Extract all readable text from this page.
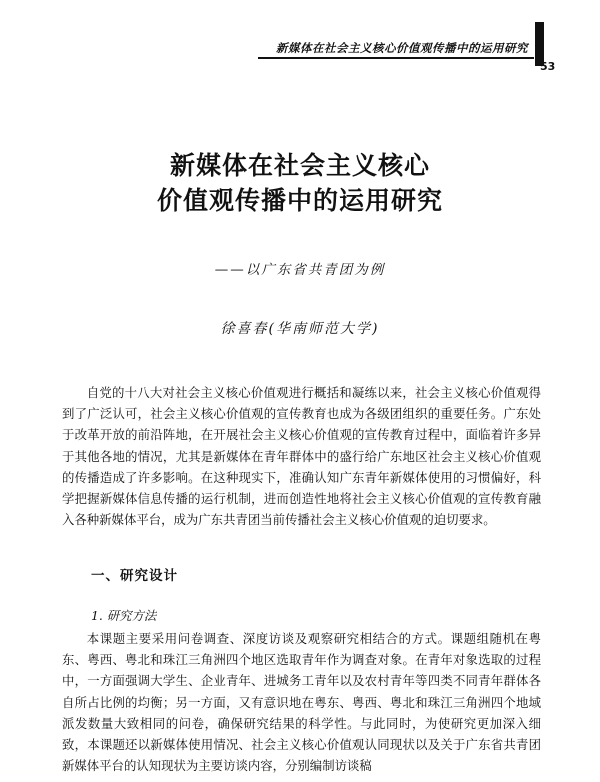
新媒体在社会主义核心价值观传播中的运用研究
53
新媒体在社会主义核心
价值观传播中的运用研究
——以广东省共青团为例
徐喜春(华南师范大学)

自党的十八大对社会主义核心价值观进行概括和凝练以来，社会主义核心价值观得到了广泛认可，社会主义核心价值观的宣传教育也成为各级团组织的重要任务。广东处于改革开放的前沿阵地，在开展社会主义核心价值观的宣传教育过程中，面临着许多异于其他各地的情况，尤其是新媒体在青年群体中的盛行给广东地区社会主义核心价值观的传播造成了许多影响。在这种现实下，准确认知广东青年新媒体使用的习惯偏好，科学把握新媒体信息传播的运行机制，进而创造性地将社会主义核心价值观的宣传教育融入各种新媒体平台，成为广东共青团当前传播社会主义核心价值观的迫切要求。

一、研究设计
1. 研究方法

本课题主要采用问卷调查、深度访谈及观察研究相结合的方式。课题组随机在粤东、粤西、粤北和珠江三角洲四个地区选取青年作为调查对象。在青年对象选取的过程中，一方面强调大学生、企业青年、进城务工青年以及农村青年等四类不同青年群体各自所占比例的均衡；另一方面，又有意识地在粤东、粤西、粤北和珠江三角洲四个地域派发数量大致相同的问卷，确保研究结果的科学性。与此同时，为使研究更加深入细致，本课题还以新媒体使用情况、社会主义核心价值观认同现状以及关于广东省共青团新媒体平台的认知现状为主要访谈内容，分别编制访谈稿
